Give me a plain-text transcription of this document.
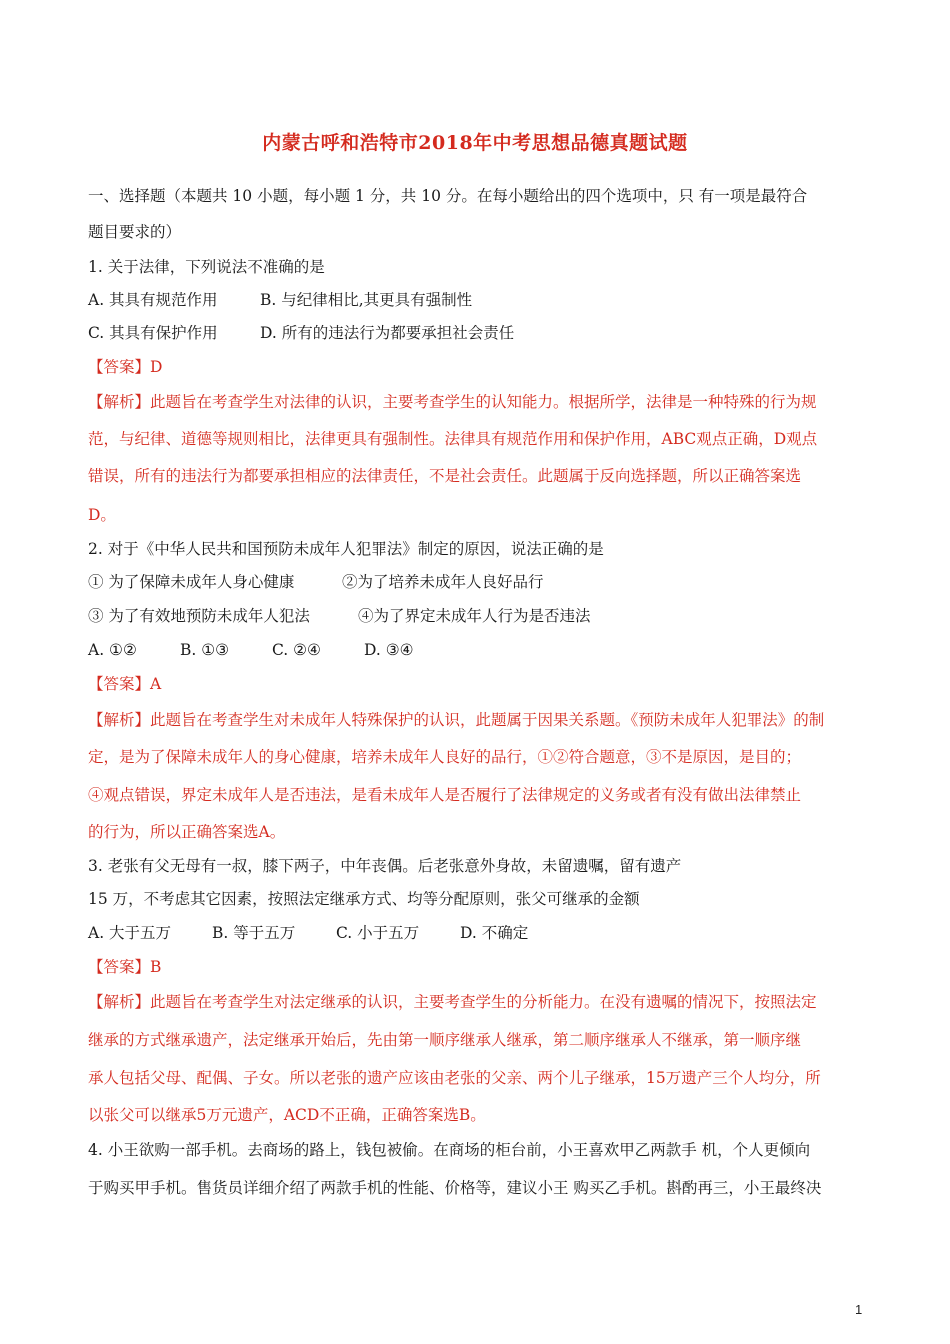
内蒙古呼和浩特市2018年中考思想品德真题试题
一、选择题（本题共 10 小题，每小题 1 分，共 10 分。在每小题给出的四个选项中，只 有一项是最符合
题目要求的）
1. 关于法律，下列说法不准确的是
A. 其具有规范作用	B. 与纪律相比,其更具有强制性
C. 其具有保护作用	D. 所有的违法行为都要承担社会责任
【答案】D
【解析】此题旨在考查学生对法律的认识，主要考查学生的认知能力。根据所学，法律是一种特殊的行为规
范，与纪律、道德等规则相比，法律更具有强制性。法律具有规范作用和保护作用，ABC观点正确，D观点
错误，所有的违法行为都要承担相应的法律责任，不是社会责任。此题属于反向选择题，所以正确答案选
D。
2. 对于《中华人民共和国预防未成年人犯罪法》制定的原因，说法正确的是
① 为了保障未成年人身心健康	②为了培养未成年人良好品行
③ 为了有效地预防未成年人犯法	④为了界定未成年人行为是否违法
A. ①②	B. ①③	C. ②④	D. ③④
【答案】A
【解析】此题旨在考查学生对未成年人特殊保护的认识，此题属于因果关系题。《预防未成年人犯罪法》的制
定，是为了保障未成年人的身心健康，培养未成年人良好的品行，①②符合题意，③不是原因，是目的；
④观点错误，界定未成年人是否违法，是看未成年人是否履行了法律规定的义务或者有没有做出法律禁止
的行为，所以正确答案选A。
3. 老张有父无母有一叔，膝下两子，中年丧偶。后老张意外身故，未留遗嘱，留有遗产
15 万，不考虑其它因素，按照法定继承方式、均等分配原则，张父可继承的金额
A. 大于五万	B. 等于五万	C. 小于五万	D. 不确定
【答案】B
【解析】此题旨在考查学生对法定继承的认识，主要考查学生的分析能力。在没有遗嘱的情况下，按照法定
继承的方式继承遗产，法定继承开始后，先由第一顺序继承人继承，第二顺序继承人不继承，第一顺序继
承人包括父母、配偶、子女。所以老张的遗产应该由老张的父亲、两个儿子继承，15万遗产三个人均分，所
以张父可以继承5万元遗产，ACD不正确，正确答案选B。
4. 小王欲购一部手机。去商场的路上，钱包被偷。在商场的柜台前，小王喜欢甲乙两款手 机，个人更倾向
于购买甲手机。售货员详细介绍了两款手机的性能、价格等，建议小王 购买乙手机。斟酌再三，小王最终决
1
